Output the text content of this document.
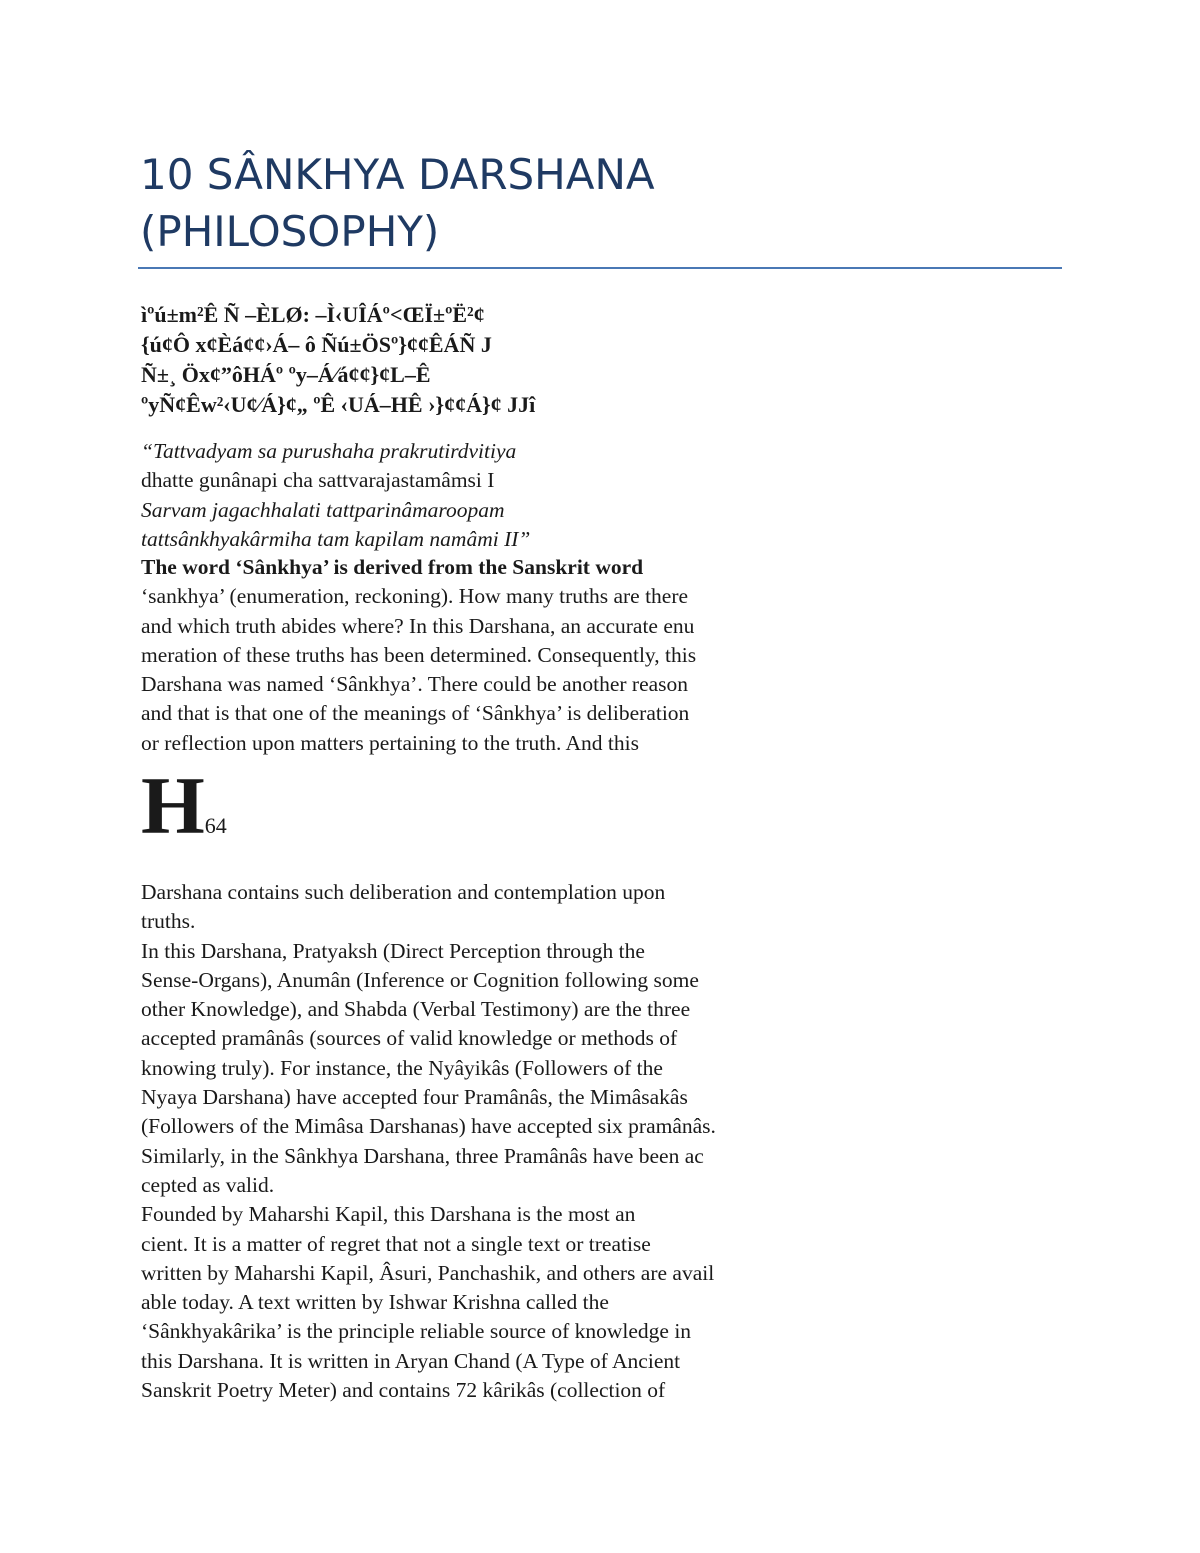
10 SÂNKHYA DARSHANA
(PHILOSOPHY)
ìºú±m²Ê Ñ –ÈLØ: –Ì‹UÎÁº<ŒÏ±ºË²¢
{ú¢Ô x¢Èá¢¢›Á– ô Ñú±ÖSº}¢¢ÊÁÑ J
Ñ±¸ Öx¢”ôHÁº ºy–Á⁄á¢¢}¢L–Ê
ºyÑ¢Êw²‹U¢⁄Á}¢„ ºÊ ‹UÁ–HÊ ›}¢¢Á}¢ JJî
“Tattvadyam sa purushaha prakrutirdvitiya
dhatte gunânapi cha sattvarajastamâmsi I
Sarvam jagachhalati tattparinâmaroopam
tattsânkhyakârmiha tam kapilam namâmi II”
The word ‘Sânkhya’ is derived from the Sanskrit word
‘sankhya’ (enumeration, reckoning). How many truths are there
and which truth abides where? In this Darshana, an accurate enu
meration of these truths has been determined. Consequently, this
Darshana was named ‘Sânkhya’. There could be another reason
and that is that one of the meanings of ‘Sânkhya’ is deliberation
or reflection upon matters pertaining to the truth. And this
H64
Darshana contains such deliberation and contemplation upon
truths.
In this Darshana, Pratyaksh (Direct Perception through the
Sense-Organs), Anumân (Inference or Cognition following some
other Knowledge), and Shabda (Verbal Testimony) are the three
accepted pramânâs (sources of valid knowledge or methods of
knowing truly). For instance, the Nyâyikâs (Followers of the
Nyaya Darshana) have accepted four Pramânâs, the Mimâsakâs
(Followers of the Mimâsa Darshanas) have accepted six pramânâs.
Similarly, in the Sânkhya Darshana, three Pramânâs have been ac
cepted as valid.
Founded by Maharshi Kapil, this Darshana is the most an
cient. It is a matter of regret that not a single text or treatise
written by Maharshi Kapil, Âsuri, Panchashik, and others are avail
able today. A text written by Ishwar Krishna called the
‘Sânkhyakârika’ is the principle reliable source of knowledge in
this Darshana. It is written in Aryan Chand (A Type of Ancient
Sanskrit Poetry Meter) and contains 72 kârikâs (collection of
